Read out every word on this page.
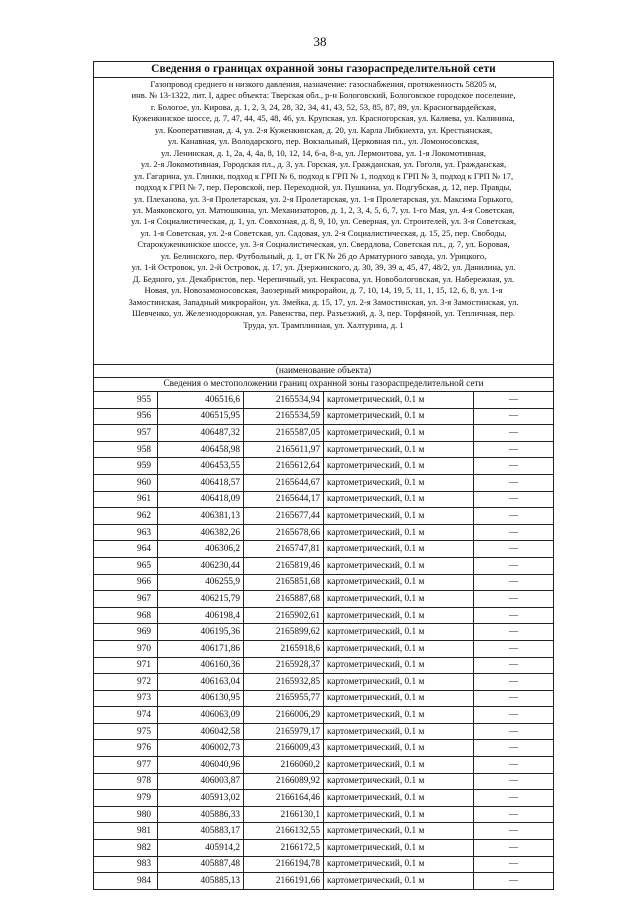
38
Сведения о границах охранной зоны газораспределительной сети

Газопровод среднего и низкого давления, назначение: газоснабжения, протяженность 58205 м,

инв. № 13-1322, лит. I, адрес объекта: Тверская обл., р-н Бологовский, Бологовское городское поселение,

г. Бологое, ул. Кирова, д. 1, 2, 3, 24, 28, 32, 34, 41, 43, 52, 53, 85, 87, 89, ул. Красногвардейская,

Куженкинское шоссе, д. 7, 47, 44, 45, 48, 46, ул. Крупская, ул. Красногорская, ул. Каляева, ул. Калинина,

ул. Кооперативная, д. 4, ул. 2-я Куженкинская, д. 20, ул. Карла Либкнехта, ул. Крестьянская,

ул. Канавная, ул. Володарского, пер. Вокзальный, Церковная пл., ул. Ломоносовская,

ул. Ленинская, д. 1, 2а, 4, 4а, 8, 10, 12, 14, 6-а, 8-а, ул. Лермонтова, ул. 1-я Локомотивная,

ул. 2-я Локомотивная, Городская пл., д. 3, ул. Горская, ул. Гражданская, ул. Гоголя, ул. Гражданская,

ул. Гагарина, ул. Глинки, подход к ГРП № 6, подход к ГРП № 1, подход к ГРП № 3, подход к ГРП № 17,

подход к ГРП № 7, пер. Перовской, пер. Переходной, ул. Пушкина, ул. Подгубская, д. 12, пер. Правды,

ул. Плеханова, ул. 3-я Пролетарская, ул. 2-я Пролетарская, ул. 1-я Пролетарская, ул. Максима Горького,

ул. Маяковского, ул. Матюшкина, ул. Механизаторов, д. 1, 2, 3, 4, 5, 6, 7, ул. 1-го Мая, ул. 4-я Советская,

ул. 1-я Социалистическая, д. 1, ул. Совхозная, д. 8, 9, 10, ул. Северная, ул. Строителей, ул. 3-я Советская,

ул. 1-я Советская, ул. 2-я Советская, ул. Садовая, ул. 2-я Социалистическая, д. 15, 25, пер. Свободы,

Старокуженкинское шоссе, ул. 3-я Социалистическая, ул. Свердлова, Советская пл., д. 7, ул. Боровая,

ул. Белинского, пер. Футбольный, д. 1, от ГК № 26 до Арматурного завода, ул. Урицкого,

ул. 1-й Островок, ул. 2-й Островок, д. 17, ул. Дзержинского, д. 30, 39, 39 а, 45, 47, 48/2, ул. Данилина, ул.

Д. Бедного, ул. Декабристов, пер. Черепичный, ул. Некрасова, ул. Новобологовская, ул. Набережная, ул.

Новая, ул. Новозамоносовская, Заозерный микрорайон, д. 7, 10, 14, 19, 5, 11, 1, 15, 12, 6, 8, ул. 1-я

Замостинская, Западный микрорайон, ул. Змейка, д. 15, 17, ул. 2-я Замостинская, ул. 3-я Замостинская, ул.

Шевченко, ул. Железнодорожная, ул. Равенства, пер. Разъезжий, д. 3, пер. Торфяной, ул. Тепличная, пер.

Труда, ул. Трамплинная, ул. Халтурина, д. 1

(наименование объекта)
Сведения о местоположении границ охранной зоны газораспределительной сети
955	406516,6	2165534,94	картометрический, 0.1 м	—
956	406515,95	2165534,59	картометрический, 0.1 м	—
957	406487,32	2165587,05	картометрический, 0.1 м	—
958	406458,98	2165611,97	картометрический, 0.1 м	—
959	406453,55	2165612,64	картометрический, 0.1 м	—
960	406418,57	2165644,67	картометрический, 0.1 м	—
961	406418,09	2165644,17	картометрический, 0.1 м	—
962	406381,13	2165677,44	картометрический, 0.1 м	—
963	406382,26	2165678,66	картометрический, 0.1 м	—
964	406306,2	2165747,81	картометрический, 0.1 м	—
965	406230,44	2165819,46	картометрический, 0.1 м	—
966	406255,9	2165851,68	картометрический, 0.1 м	—
967	406215,79	2165887,68	картометрический, 0.1 м	—
968	406198,4	2165902,61	картометрический, 0.1 м	—
969	406195,36	2165899,62	картометрический, 0.1 м	—
970	406171,86	2165918,6	картометрический, 0.1 м	—
971	406160,36	2165928,37	картометрический, 0.1 м	—
972	406163,04	2165932,85	картометрический, 0.1 м	—
973	406130,95	2165955,77	картометрический, 0.1 м	—
974	406063,09	2166006,29	картометрический, 0.1 м	—
975	406042,58	2165979,17	картометрический, 0.1 м	—
976	406002,73	2166009,43	картометрический, 0.1 м	—
977	406040,96	2166060,2	картометрический, 0.1 м	—
978	406003,87	2166089,92	картометрический, 0.1 м	—
979	405913,02	2166164,46	картометрический, 0.1 м	—
980	405886,33	2166130,1	картометрический, 0.1 м	—
981	405883,17	2166132,55	картометрический, 0.1 м	—
982	405914,2	2166172,5	картометрический, 0.1 м	—
983	405887,48	2166194,78	картометрический, 0.1 м	—
984	405885,13	2166191,66	картометрический, 0.1 м	—
